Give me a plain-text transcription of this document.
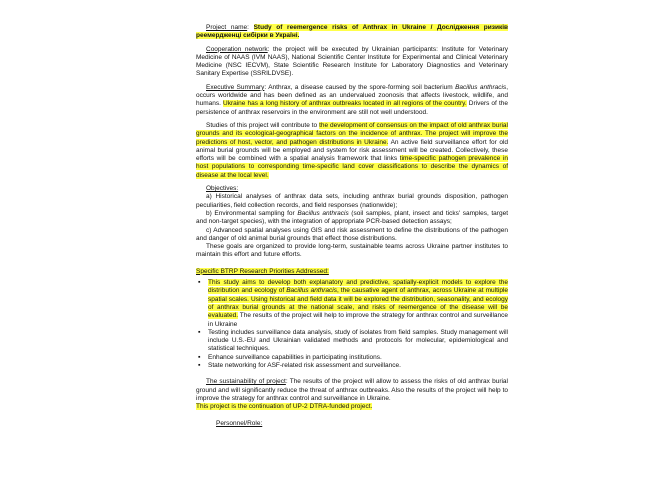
Project name: Study of reemergence risks of Anthrax in Ukraine / Дослідження ризиків реемердженці сибірки в Україні.

Cooperation network: the project will be executed by Ukrainian participants: Institute for Veterinary Medicine of NAAS (IVM NAAS), National Scientific Center Institute for Experimental and Clinical Veterinary Medicine (NSC IECVM), State Scientific Research Institute for Laboratory Diagnostics and Veterinary Sanitary Expertise (SSRILDVSE).

Executive Summary: Anthrax, a disease caused by the spore-forming soil bacterium Bacillus anthracis, occurs worldwide and has been defined as an undervalued zoonosis that affects livestock, wildlife, and humans. Ukraine has a long history of anthrax outbreaks located in all regions of the country. Drivers of the persistence of anthrax reservoirs in the environment are still not well understood.

Studies of this project will contribute to the development of consensus on the impact of old anthrax burial grounds and its ecological-geographical factors on the incidence of anthrax. The project will improve the predictions of host, vector, and pathogen distributions in Ukraine. An active field surveillance effort for old animal burial grounds will be employed and system for risk assessment will be created. Collectively, these efforts will be combined with a spatial analysis framework that links time-specific pathogen prevalence in host populations to corresponding time-specific land cover classifications to describe the dynamics of disease at the local level.

Objectives:

a) Historical analyses of anthrax data sets, including anthrax burial grounds disposition, pathogen peculiarities, field collection records, and field responses (nationwide);

b) Environmental sampling for Bacillus anthracis (soil samples, plant, insect and ticks' samples, target and non-target species), with the integration of appropriate PCR-based detection assays;

c) Advanced spatial analyses using GIS and risk assessment to define the distributions of the pathogen and danger of old animal burial grounds that effect those distributions.

These goals are organized to provide long-term, sustainable teams across Ukraine partner institutes to maintain this effort and future efforts.

Specific BTRP Research Priorities Addressed:

▪ This study aims to develop both explanatory and predictive, spatially-explicit models to explore the distribution and ecology of Bacillus anthracis, the causative agent of anthrax, across Ukraine at multiple spatial scales. Using historical and field data it will be explored the distribution, seasonality, and ecology of anthrax burial grounds at the national scale, and risks of reemergence of the disease will be evaluated. The results of the project will help to improve the strategy for anthrax control and surveillance in Ukraine
▪ Testing includes surveillance data analysis, study of isolates from field samples. Study management will include U.S.-EU and Ukrainian validated methods and protocols for molecular, epidemiological and statistical techniques.
▪ Enhance surveillance capabilities in participating institutions.
▪ State networking for ASF-related risk assessment and surveillance.

The sustainability of project: The results of the project will allow to assess the risks of old anthrax burial ground and will significantly reduce the threat of anthrax outbreaks. Also the results of the project will help to improve the strategy for anthrax control and surveillance in Ukraine.
This project is the continuation of UP-2 DTRA-funded project.

Personnel/Role:
